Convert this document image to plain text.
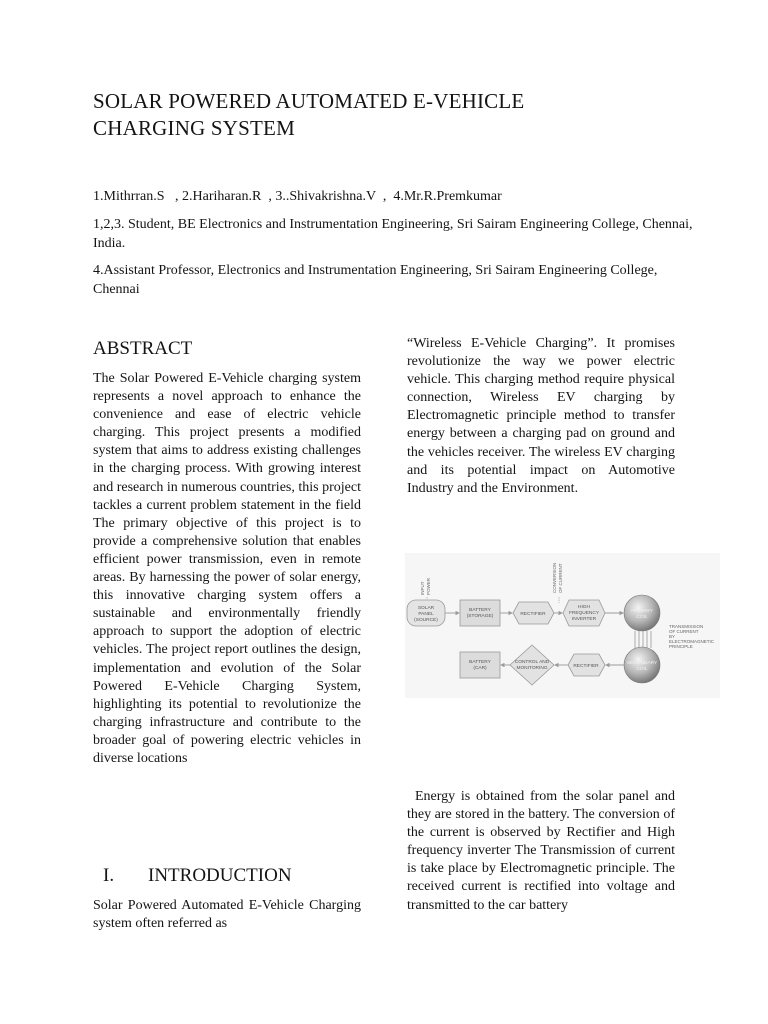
SOLAR POWERED AUTOMATED E-VEHICLE
CHARGING SYSTEM
1.Mithrran.S   , 2.Hariharan.R  , 3..Shivakrishna.V  ,  4.Mr.R.Premkumar
1,2,3. Student, BE Electronics and Instrumentation Engineering, Sri Sairam Engineering College, Chennai, India.
4.Assistant Professor, Electronics and Instrumentation Engineering, Sri Sairam Engineering College, Chennai
ABSTRACT

The Solar Powered E-Vehicle charging system represents a novel approach to enhance the convenience and ease of electric vehicle charging. This project presents a modified system that aims to address existing challenges in the charging process. With growing interest and research in numerous countries, this project tackles a current problem statement in the field The primary objective of this project is to provide a comprehensive solution that enables efficient power transmission, even in remote areas. By harnessing the power of solar energy, this innovative charging system offers a sustainable and environmentally friendly approach to support the adoption of electric vehicles. The project report outlines the design, implementation and evolution of the Solar Powered E-Vehicle Charging System, highlighting its potential to revolutionize the charging infrastructure and contribute to the broader goal of powering electric vehicles in diverse locations

I. INTRODUCTION

Solar Powered Automated E-Vehicle Charging system often referred as

“Wireless E-Vehicle Charging”. It promises revolutionize the way we power electric vehicle. This charging method require physical connection, Wireless EV charging by Electromagnetic principle method to transfer energy between a charging pad on ground and the vehicles receiver. The wireless EV charging and its potential impact on Automotive Industry and the Environment.

INPUT POWER	CONVERSION OF CURRENT
SOLAR
PANEL
(SOURCE)
BATTERY
(STORAGE)	RECTIFIER
HIGH
FREQUENCY
INVERTER
PRIMARY
COIL
SECONDARY
COIL
RECTIFIER
CONTROL AND
MONITORING
BATTERY
(CAR)
TRANSMISSION
OF CURRENT
BY
ELECTROMAGNETIC
PRINCIPLE

Energy is obtained from the solar panel and they are stored in the battery. The conversion of the current is observed by Rectifier and High frequency inverter The Transmission of current is take place by Electromagnetic principle. The received current is rectified into voltage and transmitted to the car battery
